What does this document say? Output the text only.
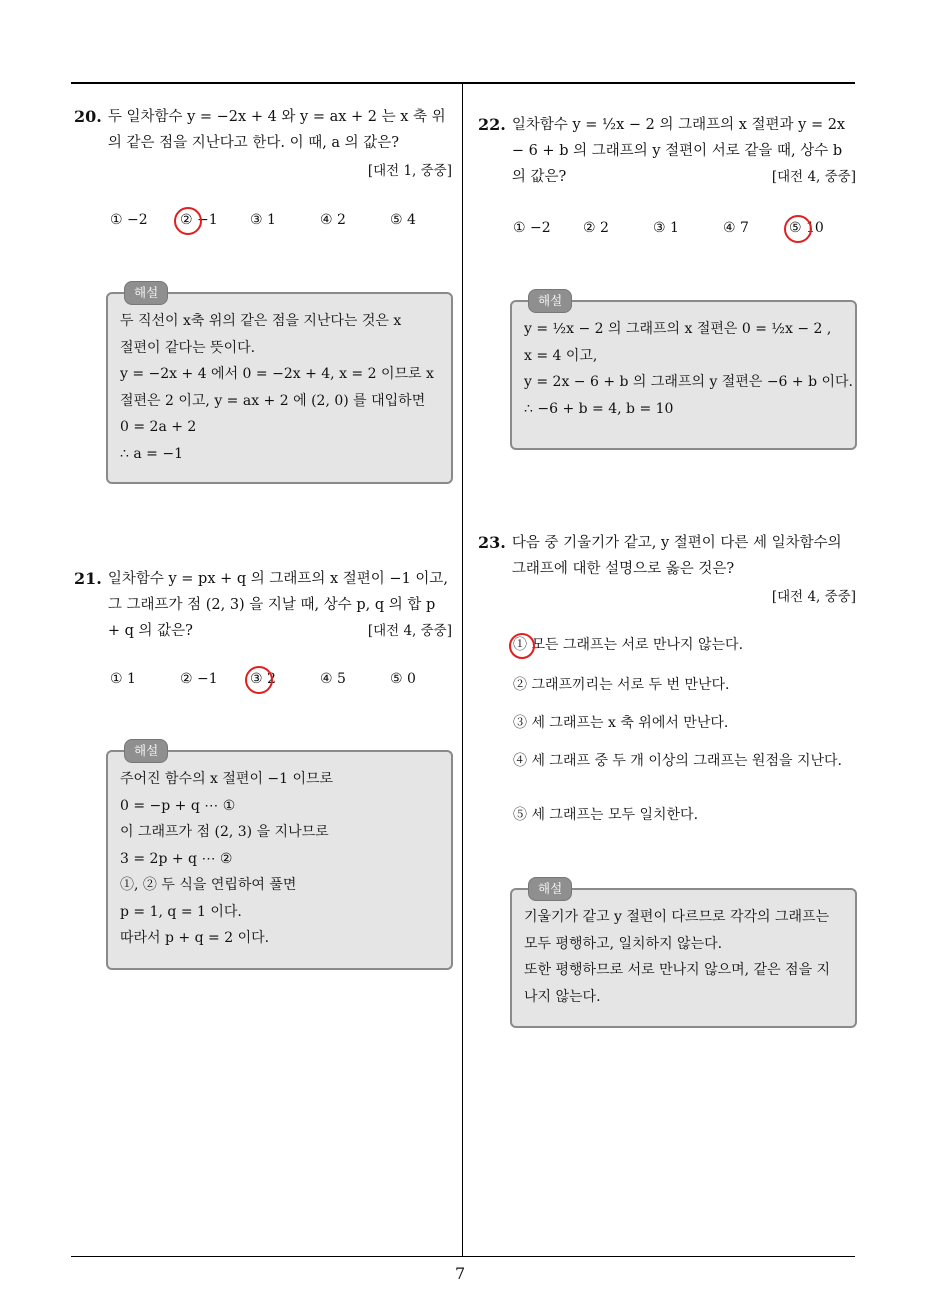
7
20. 두 일차함수 y = −2x + 4 와 y = ax + 2 는 x 축 위의 같은 점을 지난다고 한다. 이 때, a 의 값은?
[대전 1, 중중]
① −2	② −1	③ 1	④ 2	⑤ 4
해설
두 직선이 x축 위의 같은 점을 지난다는 것은 x
절편이 같다는 뜻이다.
y = −2x + 4 에서 0 = −2x + 4, x = 2 이므로 x
절편은 2 이고, y = ax + 2 에 (2, 0) 를 대입하면
0 = 2a + 2
∴ a = −1
21. 일차함수 y = px + q 의 그래프의 x 절편이 −1 이고, 그 그래프가 점 (2, 3) 을 지날 때, 상수 p, q 의 합 p + q 의 값은?	[대전 4, 중중]
① 1	② −1	③ 2	④ 5	⑤ 0
해설
주어진 함수의 x 절편이 −1 이므로
0 = −p + q ⋯ ①
이 그래프가 점 (2, 3) 을 지나므로
3 = 2p + q ⋯ ②
①, ② 두 식을 연립하여 풀면
p = 1, q = 1 이다.
따라서 p + q = 2 이다.
22. 일차함수 y = ½x − 2 의 그래프의 x 절편과 y = 2x − 6 + b 의 그래프의 y 절편이 서로 같을 때, 상수 b 의 값은?	[대전 4, 중중]
① −2	② 2	③ 1	④ 7	⑤ 10
해설
y = ½x − 2 의 그래프의 x 절편은 0 = ½x − 2 ,
x = 4 이고,
y = 2x − 6 + b 의 그래프의 y 절편은 −6 + b 이다.
∴ −6 + b = 4, b = 10
23. 다음 중 기울기가 같고, y 절편이 다른 세 일차함수의 그래프에 대한 설명으로 옳은 것은?
[대전 4, 중중]
① 모든 그래프는 서로 만나지 않는다.
② 그래프끼리는 서로 두 번 만난다.
③ 세 그래프는 x 축 위에서 만난다.
④ 세 그래프 중 두 개 이상의 그래프는 원점을 지난다.
⑤ 세 그래프는 모두 일치한다.
해설
기울기가 같고 y 절편이 다르므로 각각의 그래프는 모두 평행하고, 일치하지 않는다.
또한 평행하므로 서로 만나지 않으며, 같은 점을 지나지 않는다.
